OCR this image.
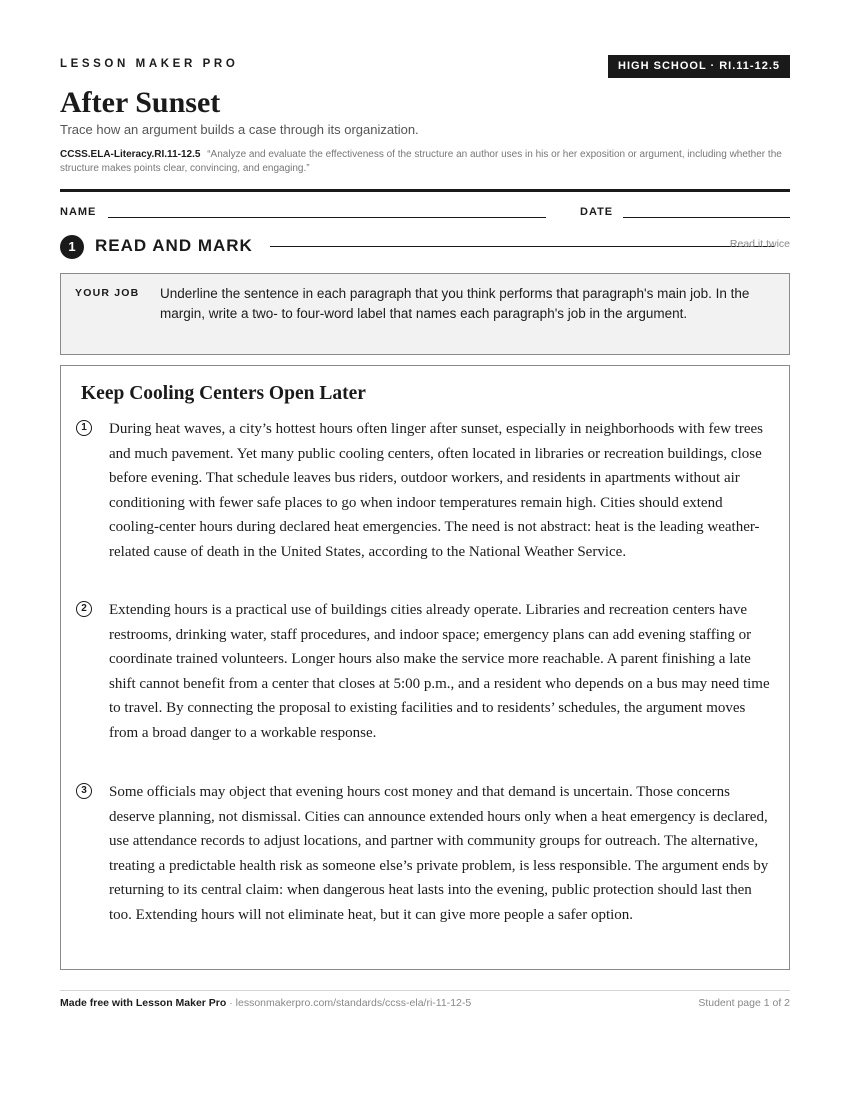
LESSON MAKER PRO	HIGH SCHOOL · RI.11-12.5
After Sunset
Trace how an argument builds a case through its organization.
CCSS.ELA-Literacy.RI.11-12.5 “Analyze and evaluate the effectiveness of the structure an author uses in his or her exposition or argument, including whether the structure makes points clear, convincing, and engaging.”
NAME	DATE
1	READ AND MARK	Read it twice
YOUR JOB Underline the sentence in each paragraph that you think performs that paragraph's main job. In the margin, write a two- to four-word label that names each paragraph's job in the argument.
Keep Cooling Centers Open Later
1	During heat waves, a city’s hottest hours often linger after sunset, especially in neighborhoods with few trees and much pavement. Yet many public cooling centers, often located in libraries or recreation buildings, close before evening. That schedule leaves bus riders, outdoor workers, and residents in apartments without air conditioning with fewer safe places to go when indoor temperatures remain high. Cities should extend cooling-center hours during declared heat emergencies. The need is not abstract: heat is the leading weather-related cause of death in the United States, according to the National Weather Service.

2	Extending hours is a practical use of buildings cities already operate. Libraries and recreation centers have restrooms, drinking water, staff procedures, and indoor space; emergency plans can add evening staffing or coordinate trained volunteers. Longer hours also make the service more reachable. A parent finishing a late shift cannot benefit from a center that closes at 5:00 p.m., and a resident who depends on a bus may need time to travel. By connecting the proposal to existing facilities and to residents’ schedules, the argument moves from a broad danger to a workable response.

3	Some officials may object that evening hours cost money and that demand is uncertain. Those concerns deserve planning, not dismissal. Cities can announce extended hours only when a heat emergency is declared, use attendance records to adjust locations, and partner with community groups for outreach. The alternative, treating a predictable health risk as someone else’s private problem, is less responsible. The argument ends by returning to its central claim: when dangerous heat lasts into the evening, public protection should last then too. Extending hours will not eliminate heat, but it can give more people a safer option.

Made free with Lesson Maker Pro · lessonmakerpro.com/standards/ccss-ela/ri-11-12-5	Student page 1 of 2
